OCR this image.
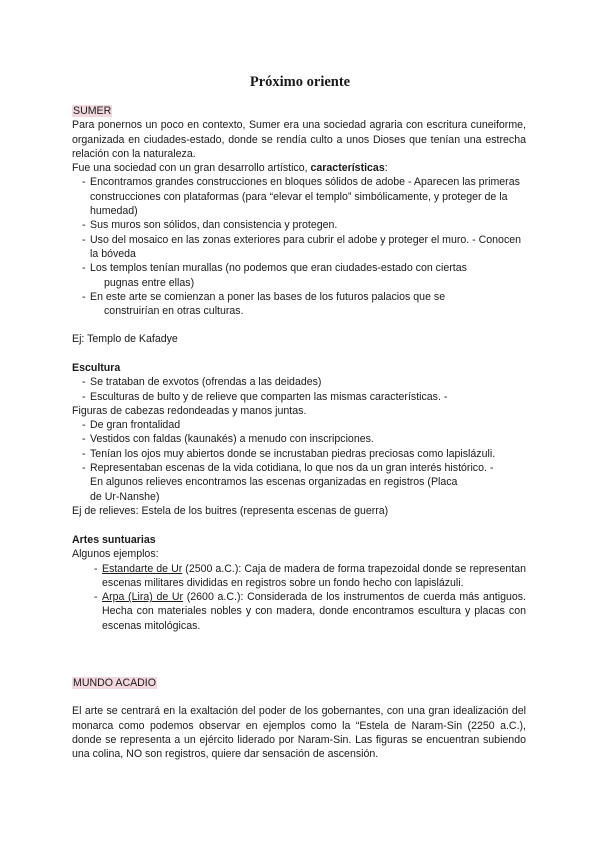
Próximo oriente

SUMER

Para ponernos un poco en contexto, Sumer era una sociedad agraria con escritura cuneiforme, organizada en ciudades-estado, donde se rendía culto a unos Dioses que tenían una estrecha relación con la naturaleza.

Fue una sociedad con un gran desarrollo artístico, características:

- Encontramos grandes construcciones en bloques sólidos de adobe - Aparecen las primeras construcciones con plataformas (para “elevar el templo” simbólicamente, y proteger de la humedad)
- Sus muros son sólidos, dan consistencia y protegen.
- Uso del mosaico en las zonas exteriores para cubrir el adobe y proteger el muro. - Conocen la bóveda
- Los templos tenían murallas (no podemos que eran ciudades-estado con ciertas
pugnas entre ellas)
- En este arte se comienzan a poner las bases de los futuros palacios que se
construirían en otras culturas.

Ej: Templo de Kafadye

Escultura

- Se trataban de exvotos (ofrendas a las deidades)
- Esculturas de bulto y de relieve que comparten las mismas características. -
Figuras de cabezas redondeadas y manos juntas.
- De gran frontalidad
- Vestidos con faldas (kaunakés) a menudo con inscripciones.
- Tenían los ojos muy abiertos donde se incrustaban piedras preciosas como lapislázuli.
- Representaban escenas de la vida cotidiana, lo que nos da un gran interés histórico. -
En algunos relieves encontramos las escenas organizadas en registros (Placa de Ur-Nanshe)

Ej de relieves: Estela de los buitres (representa escenas de guerra)

Artes suntuarias

Algunos ejemplos:

- Estandarte de Ur (2500 a.C.): Caja de madera de forma trapezoidal donde se representan escenas militares divididas en registros sobre un fondo hecho con lapislázuli.
- Arpa (Lira) de Ur (2600 a.C.): Considerada de los instrumentos de cuerda más antiguos. Hecha con materiales nobles y con madera, donde encontramos escultura y placas con escenas mitológicas.

MUNDO ACADIO

El arte se centrará en la exaltación del poder de los gobernantes, con una gran idealización del monarca como podemos observar en ejemplos como la “Estela de Naram-Sin (2250 a.C.), donde se representa a un ejército liderado por Naram-Sin. Las figuras se encuentran subiendo una colina, NO son registros, quiere dar sensación de ascensión.
